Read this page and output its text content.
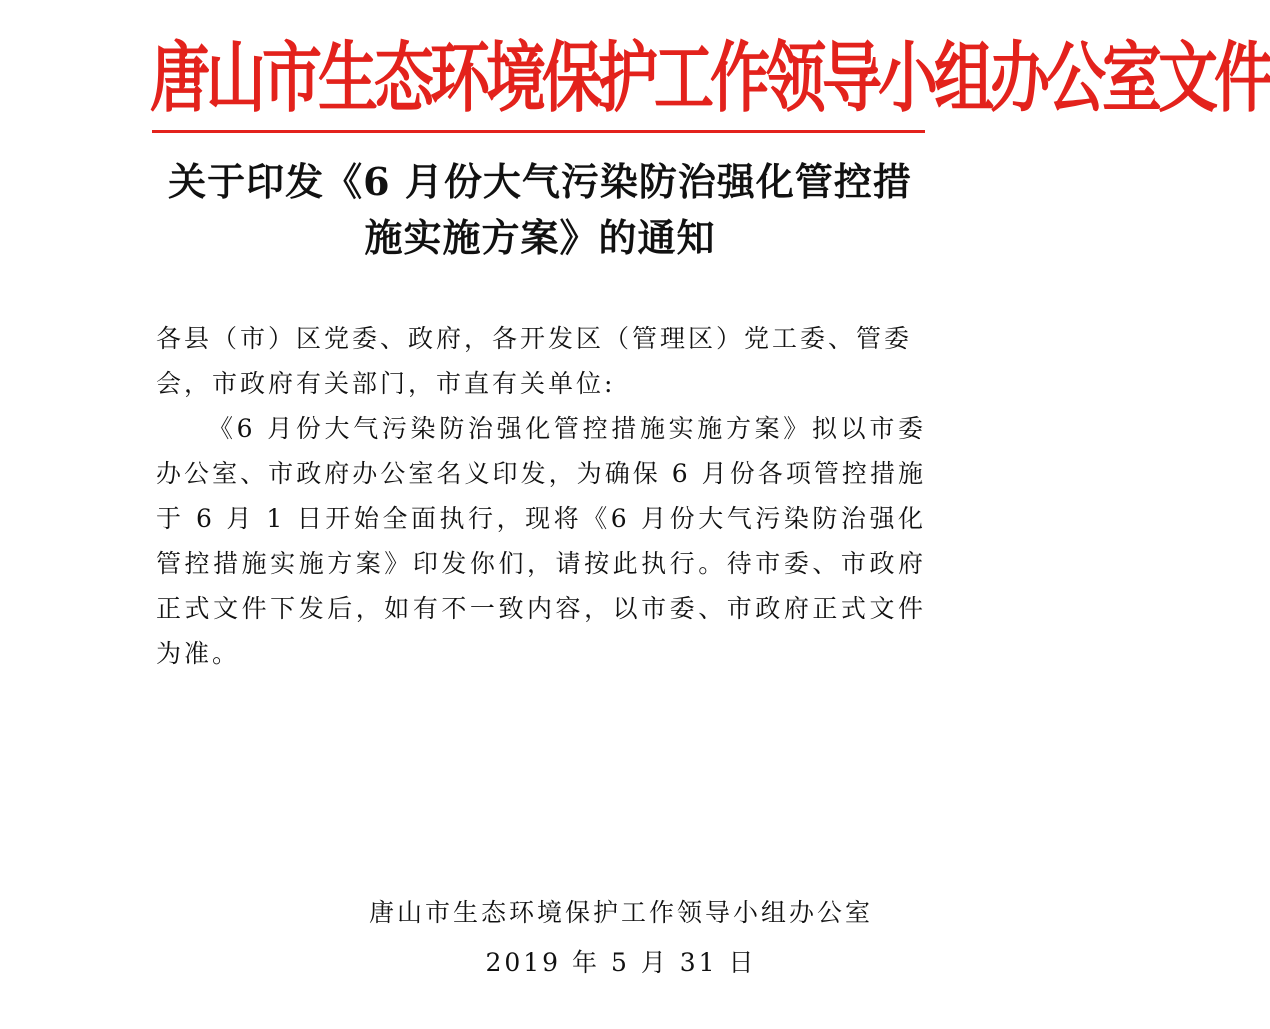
唐山市生态环境保护工作领导小组办公室文件
关于印发《6 月份大气污染防治强化管控措
施实施方案》的通知

各县（市）区党委、政府，各开发区（管理区）党工委、管委会，市政府有关部门，市直有关单位:

《6 月份大气污染防治强化管控措施实施方案》拟以市委办公室、市政府办公室名义印发，为确保 6 月份各项管控措施于 6 月 1 日开始全面执行，现将《6 月份大气污染防治强化管控措施实施方案》印发你们，请按此执行。待市委、市政府正式文件下发后，如有不一致内容，以市委、市政府正式文件为准。

唐山市生态环境保护工作领导小组办公室
2019 年 5 月 31 日
